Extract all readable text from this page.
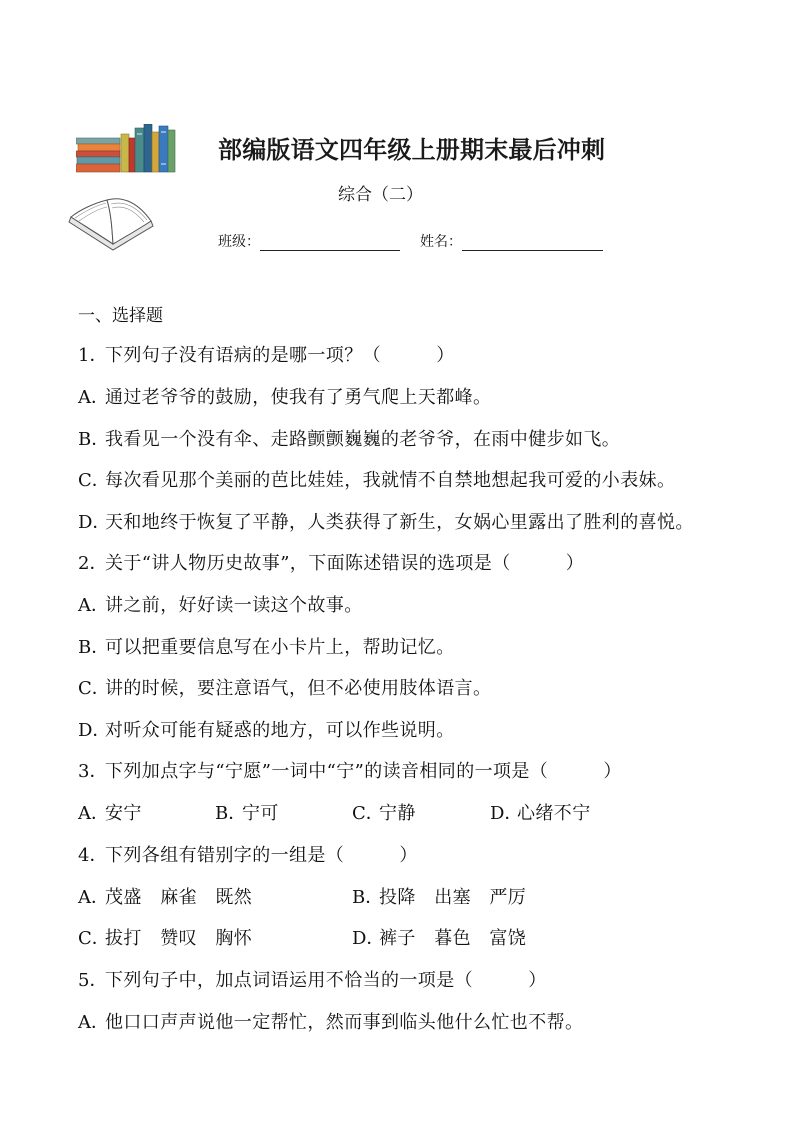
部编版语文四年级上册期末最后冲刺
综合（二）
班级：	姓名：
一、选择题
1．下列句子没有语病的是哪一项？（　　　）
A．通过老爷爷的鼓励，使我有了勇气爬上天都峰。
B．我看见一个没有伞、走路颤颤巍巍的老爷爷，在雨中健步如飞。
C．每次看见那个美丽的芭比娃娃，我就情不自禁地想起我可爱的小表妹。
D．天和地终于恢复了平静，人类获得了新生，女娲心里露出了胜利的喜悦。
2．关于“讲人物历史故事”，下面陈述错误的选项是（　　　）
A．讲之前，好好读一读这个故事。
B．可以把重要信息写在小卡片上，帮助记忆。
C．讲的时候，要注意语气，但不必使用肢体语言。
D．对听众可能有疑惑的地方，可以作些说明。
3．下列加点字与“宁愿”一词中“宁”的读音相同的一项是（　　　）
A．安宁	B．宁可	C．宁静	D．心绪不宁
4．下列各组有错别字的一组是（　　　）
A．茂盛　麻雀　既然	B．投降　出塞　严厉
C．拔打　赞叹　胸怀	D．裤子　暮色　富饶
5．下列句子中，加点词语运用不恰当的一项是（　　　）
A．他口口声声说他一定帮忙，然而事到临头他什么忙也不帮。
